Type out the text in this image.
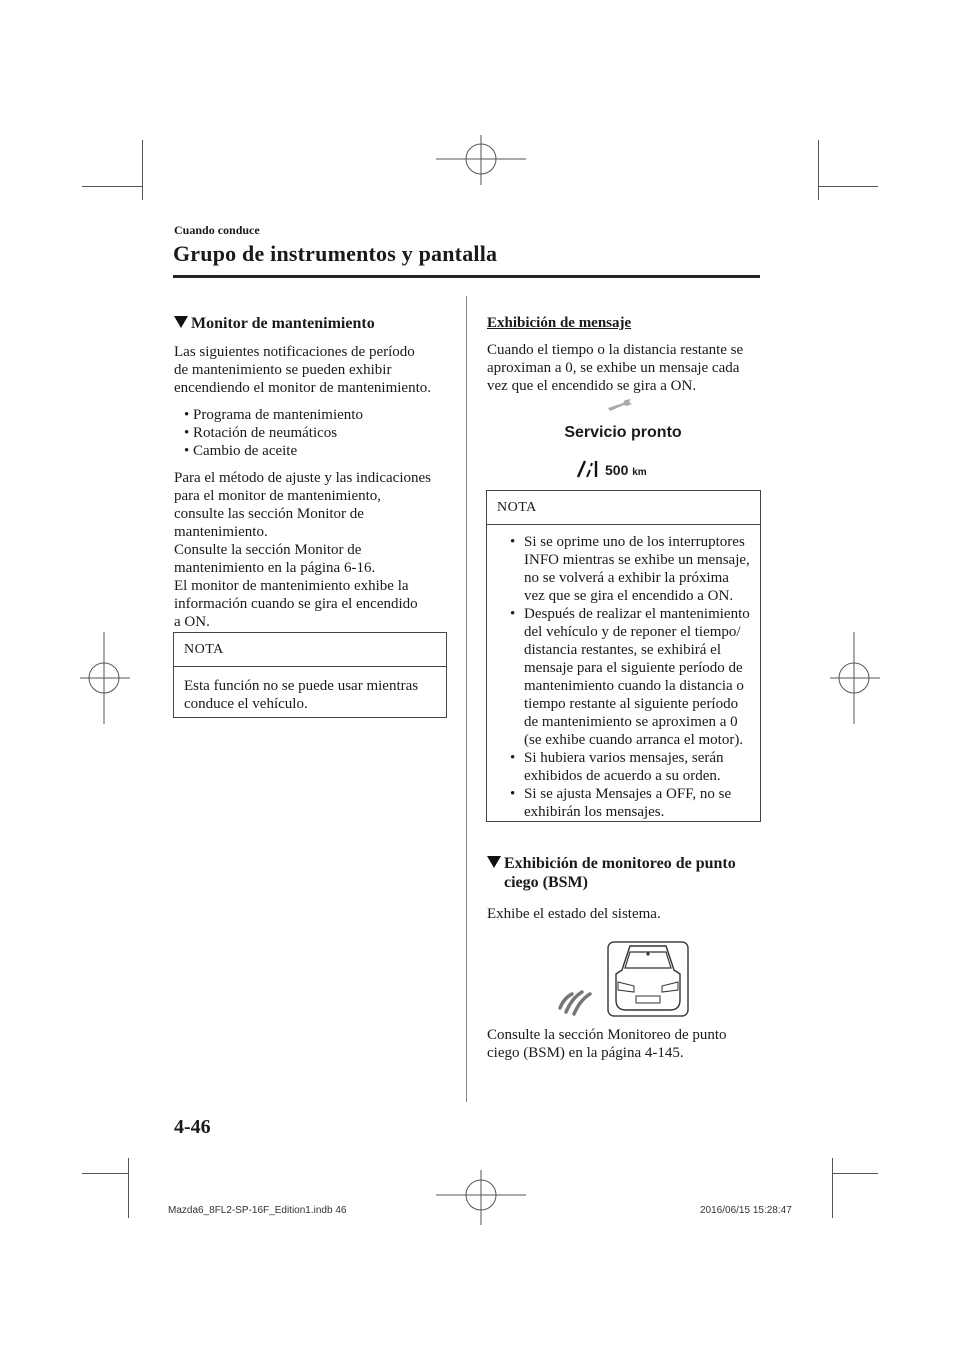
Cuando conduce
Grupo de instrumentos y pantalla
Monitor de mantenimiento

Las siguientes notificaciones de período

de mantenimiento se pueden exhibir

encendiendo el monitor de mantenimiento.

• Programa de mantenimiento

• Rotación de neumáticos

• Cambio de aceite

Para el método de ajuste y las indicaciones

para el monitor de mantenimiento,

consulte las sección Monitor de

mantenimiento.

Consulte la sección Monitor de

mantenimiento en la página 6-16.

El monitor de mantenimiento exhibe la

información cuando se gira el encendido

a ON.

NOTA

Esta función no se puede usar mientras

conduce el vehículo.

Exhibición de mensaje

Cuando el tiempo o la distancia restante se

aproximan a 0, se exhibe un mensaje cada

vez que el encendido se gira a ON.

Servicio pronto
500 km
NOTA
• Si se oprime uno de los interruptores

INFO mientras se exhibe un mensaje,

no se volverá a exhibir la próxima

vez que se gira el encendido a ON.

• Después de realizar el mantenimiento

del vehículo y de reponer el tiempo/

distancia restantes, se exhibirá el

mensaje para el siguiente período de

mantenimiento cuando la distancia o

tiempo restante al siguiente período

de mantenimiento se aproximen a 0

(se exhibe cuando arranca el motor).

• Si hubiera varios mensajes, serán

exhibidos de acuerdo a su orden.

• Si se ajusta Mensajes a OFF, no se

exhibirán los mensajes.

Exhibición de monitoreo de punto

ciego (BSM)

Exhibe el estado del sistema.

Consulte la sección Monitoreo de punto

ciego (BSM) en la página 4-145.

4-46
Mazda6_8FL2-SP-16F_Edition1.indb 46	2016/06/15 15:28:47
